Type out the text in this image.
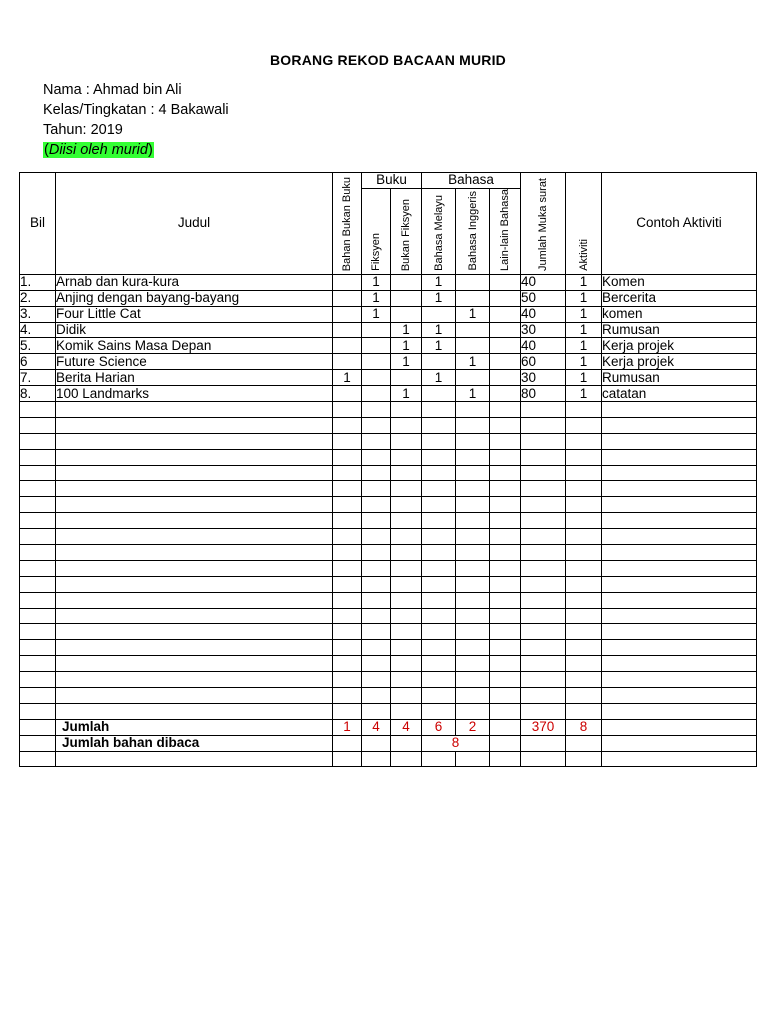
BORANG REKOD BACAAN MURID
Nama : Ahmad bin Ali
Kelas/Tingkatan : 4 Bakawali
Tahun: 2019
(Diisi oleh murid)
Bil	Judul	Bahan Bukan Buku	Buku		Bahasa			Jumlah Muka surat	Aktiviti	Contoh Aktiviti
			Fiksyen	Bukan Fiksyen	Bahasa Melayu	Bahasa Inggeris	Lain-lain Bahasa			
1.	Arnab dan kura-kura		1		1			40	1	Komen
2.	Anjing dengan bayang-bayang		1		1			50	1	Bercerita
3.	Four Little Cat		1			1		40	1	komen
4.	Didik			1	1			30	1	Rumusan
5.	Komik Sains Masa Depan			1	1			40	1	Kerja projek
6	Future Science			1		1		60	1	Kerja projek
7.	Berita Harian	1			1			30	1	Rumusan
8.	100 Landmarks			1		1		80	1	catatan

	Jumlah	1	4	4	6	2		370	8	
	Jumlah bahan dibaca				8					
